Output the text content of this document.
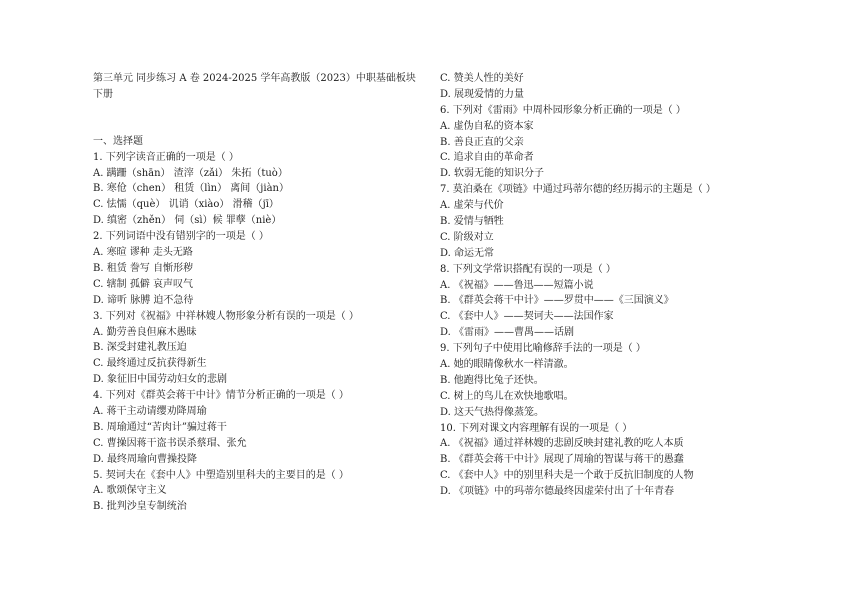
第三单元 同步练习 A 卷 2024-2025 学年高教版（2023）中职基础板块下册
一、选择题
1. 下列字读音正确的一项是（ ）
A. 蹒跚（shān） 渣滓（zǎi） 朱拓（tuò）
B. 寒伧（chen） 租赁（lìn） 离间（jiàn）
C. 怯懦（què） 讥诮（xiào） 滑稽（jī）
D. 缜密（zhěn） 伺（sì）候 罪孽（niè）
2. 下列词语中没有错别字的一项是（ ）
A. 寒暄 谬种 走头无路
B. 租赁 誊写 自惭形秽
C. 辖制 孤僻 哀声叹气
D. 谛听 脉膊 迫不急待
3. 下列对《祝福》中祥林嫂人物形象分析有误的一项是（ ）
A. 勤劳善良但麻木愚昧
B. 深受封建礼教压迫
C. 最终通过反抗获得新生
D. 象征旧中国劳动妇女的悲剧
4. 下列对《群英会蒋干中计》情节分析正确的一项是（ ）
A. 蒋干主动请缨劝降周瑜
B. 周瑜通过“苦肉计”骗过蒋干
C. 曹操因蒋干盗书误杀蔡瑁、张允
D. 最终周瑜向曹操投降
5. 契诃夫在《套中人》中塑造别里科夫的主要目的是（ ）
A. 歌颂保守主义
B. 批判沙皇专制统治
C. 赞美人性的美好
D. 展现爱情的力量
6. 下列对《雷雨》中周朴园形象分析正确的一项是（ ）
A. 虚伪自私的资本家
B. 善良正直的父亲
C. 追求自由的革命者
D. 软弱无能的知识分子
7. 莫泊桑在《项链》中通过玛蒂尔德的经历揭示的主题是（ ）
A. 虚荣与代价
B. 爱情与牺牲
C. 阶级对立
D. 命运无常
8. 下列文学常识搭配有误的一项是（ ）
A. 《祝福》——鲁迅——短篇小说
B. 《群英会蒋干中计》——罗贯中——《三国演义》
C. 《套中人》——契诃夫——法国作家
D. 《雷雨》——曹禺——话剧
9. 下列句子中使用比喻修辞手法的一项是（ ）
A. 她的眼睛像秋水一样清澈。
B. 他跑得比兔子还快。
C. 树上的鸟儿在欢快地歌唱。
D. 这天气热得像蒸笼。
10. 下列对课文内容理解有误的一项是（ ）
A. 《祝福》通过祥林嫂的悲剧反映封建礼教的吃人本质
B. 《群英会蒋干中计》展现了周瑜的智谋与蒋干的愚蠢
C. 《套中人》中的别里科夫是一个敢于反抗旧制度的人物
D. 《项链》中的玛蒂尔德最终因虚荣付出了十年青春
